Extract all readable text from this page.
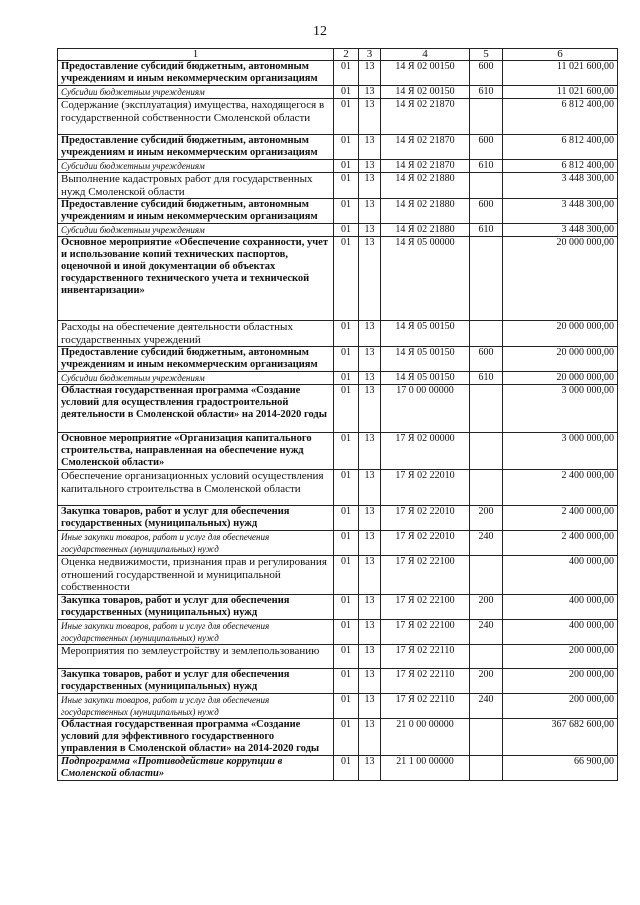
12
1	2	3	4	5	6
Предоставление субсидий бюджетным, автономным учреждениям и иным некоммерческим организациям	01	13	14 Я 02 00150	600	11 021 600,00
Субсидии бюджетным учреждениям	01	13	14 Я 02 00150	610	11 021 600,00
Содержание (эксплуатация) имущества, находящегося в государственной собственности Смоленской области	01	13	14 Я 02 21870		6 812 400,00
Предоставление субсидий бюджетным, автономным учреждениям и иным некоммерческим организациям	01	13	14 Я 02 21870	600	6 812 400,00
Субсидии бюджетным учреждениям	01	13	14 Я 02 21870	610	6 812 400,00
Выполнение кадастровых работ для государственных нужд Смоленской области	01	13	14 Я 02 21880		3 448 300,00
Предоставление субсидий бюджетным, автономным учреждениям и иным некоммерческим организациям	01	13	14 Я 02 21880	600	3 448 300,00
Субсидии бюджетным учреждениям	01	13	14 Я 02 21880	610	3 448 300,00
Основное мероприятие «Обеспечение сохранности, учет и использование копий технических паспортов, оценочной и иной документации об объектах государственного технического учета и технической инвентаризации»	01	13	14 Я 05 00000		20 000 000,00
Расходы на обеспечение деятельности областных государственных учреждений	01	13	14 Я 05 00150		20 000 000,00
Предоставление субсидий бюджетным, автономным учреждениям и иным некоммерческим организациям	01	13	14 Я 05 00150	600	20 000 000,00
Субсидии бюджетным учреждениям	01	13	14 Я 05 00150	610	20 000 000,00
Областная государственная программа «Создание условий для осуществления градостроительной деятельности в Смоленской области» на 2014-2020 годы	01	13	17 0 00 00000		3 000 000,00
Основное мероприятие «Организация капитального строительства, направленная на обеспечение нужд Смоленской области»	01	13	17 Я 02 00000		3 000 000,00
Обеспечение организационных условий осуществления капитального строительства в Смоленской области	01	13	17 Я 02 22010		2 400 000,00
Закупка товаров, работ и услуг для обеспечения государственных (муниципальных) нужд	01	13	17 Я 02 22010	200	2 400 000,00
Иные закупки товаров, работ и услуг для обеспечения государственных (муниципальных) нужд	01	13	17 Я 02 22010	240	2 400 000,00
Оценка недвижимости, признания прав и регулирования отношений государственной и муниципальной собственности	01	13	17 Я 02 22100		400 000,00
Закупка товаров, работ и услуг для обеспечения государственных (муниципальных) нужд	01	13	17 Я 02 22100	200	400 000,00
Иные закупки товаров, работ и услуг для обеспечения государственных (муниципальных) нужд	01	13	17 Я 02 22100	240	400 000,00
Мероприятия по землеустройству и землепользованию	01	13	17 Я 02 22110		200 000,00
Закупка товаров, работ и услуг для обеспечения государственных (муниципальных) нужд	01	13	17 Я 02 22110	200	200 000,00
Иные закупки товаров, работ и услуг для обеспечения государственных (муниципальных) нужд	01	13	17 Я 02 22110	240	200 000,00
Областная государственная программа «Создание условий для эффективного государственного управления в Смоленской области» на 2014-2020 годы	01	13	21 0 00 00000		367 682 600,00
Подпрограмма «Противодействие коррупции в Смоленской области»	01	13	21 1 00 00000		66 900,00
